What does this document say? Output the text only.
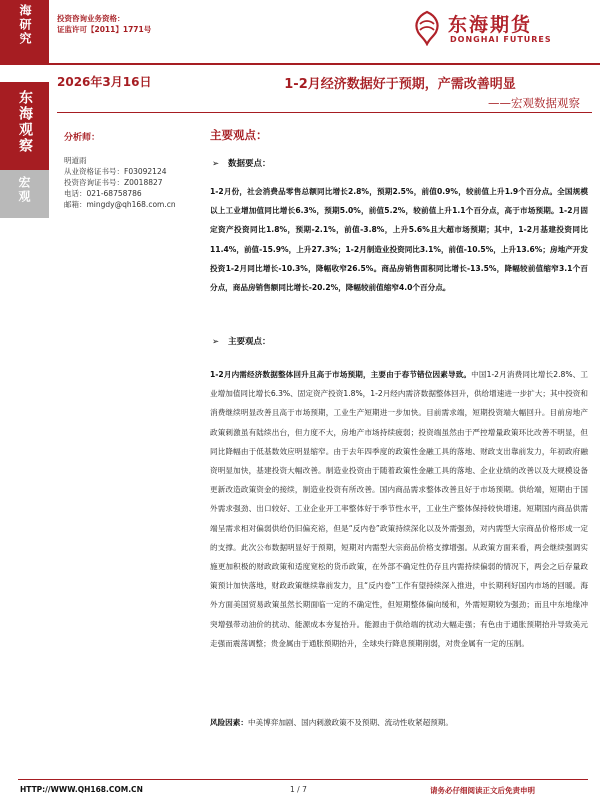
海研究
东海观察
宏观
投资咨询业务资格：
证监许可【2011】1771号	东海期货
DONGHAI FUTURES
2026年3月16日	1-2月经济数据好于预期，产需改善明显
——宏观数据观察
分析师：
明道雨
从业资格证书号：F03092124
投资咨询证书号：Z0018827
电话：021-68758786
邮箱：mingdy@qh168.com.cn
主要观点：
➢ 数据要点：
1-2月份，社会消费品零售总额同比增长2.8%，预期2.5%，前值0.9%，较前值上升1.9个百分点。全国规模以上工业增加值同比增长6.3%，预期5.0%，前值5.2%，较前值上升1.1个百分点，高于市场预期。1-2月固定资产投资同比1.8%，预期-2.1%，前值-3.8%，上升5.6%且大超市场预期；其中，1-2月基建投资同比11.4%，前值-15.9%，上升27.3%；1-2月制造业投资同比3.1%，前值-10.5%，上升13.6%；房地产开发投资1-2月同比增长-10.3%，降幅收窄26.5%。商品房销售面积同比增长-13.5%，降幅较前值缩窄3.1个百分点，商品房销售额同比增长-20.2%，降幅较前值缩窄4.0个百分点。
➢ 主要观点：
1-2月内需经济数据整体回升且高于市场预期，主要由于春节错位因素导致。中国1-2月消费同比增长2.8%、工业增加值同比增长6.3%、固定资产投资1.8%，1-2月经内需济数据整体回升，供给增速进一步扩大；其中投资和消费继续明显改善且高于市场预期，工业生产短期进一步加快。目前需求端，短期投资端大幅回升。目前房地产政策刺激虽有陆续出台，但力度不大，房地产市场持续疲弱；投资端虽然由于严控增量政策环比改善不明显，但同比降幅由于低基数效应明显缩窄。由于去年四季度的政策性金融工具的落地、财政支出靠前发力，年初政府融资明显加快，基建投资大幅改善。制造业投资由于随着政策性金融工具的落地、企业业绩的改善以及大规模设备更新改造政策资金的接续，制造业投资有所改善。国内商品需求整体改善且好于市场预期。供给端，短期由于国外需求强劲、出口较好、工业企业开工率整体好于季节性水平，工业生产整体保持较快增速。短期国内商品供需端呈需求相对偏弱供给仍旧偏充裕，但是“反内卷”政策持续深化以及外需强劲，对内需型大宗商品价格形成一定的支撑。此次公布数据明显好于预期，短期对内需型大宗商品价格支撑增强。从政策方面来看，两会继续强调实施更加积极的财政政策和适度宽松的货币政策，在外部不确定性仍存且内需持续偏弱的情况下，两会之后存量政策预计加快落地，财政政策继续靠前发力，且“反内卷”工作有望持续深入推进，中长期利好国内市场的回暖。海外方面美国贸易政策虽然长期面临一定的不确定性，但短期整体偏向缓和，外需短期较为强劲；而且中东地缘冲突增强带动油价的扰动、能源成本夯复抬升。能源由于供给端的扰动大幅走强；有色由于通胀预期抬升导致美元走强而震荡调整；贵金属由于通胀预期抬升，全球央行降息预期削弱，对贵金属有一定的压制。
风险因素：中美博弈加剧、国内刺激政策不及预期、流动性收紧超预期。
HTTP://WWW.QH168.COM.CN	1 / 7	请务必仔细阅读正文后免责申明
